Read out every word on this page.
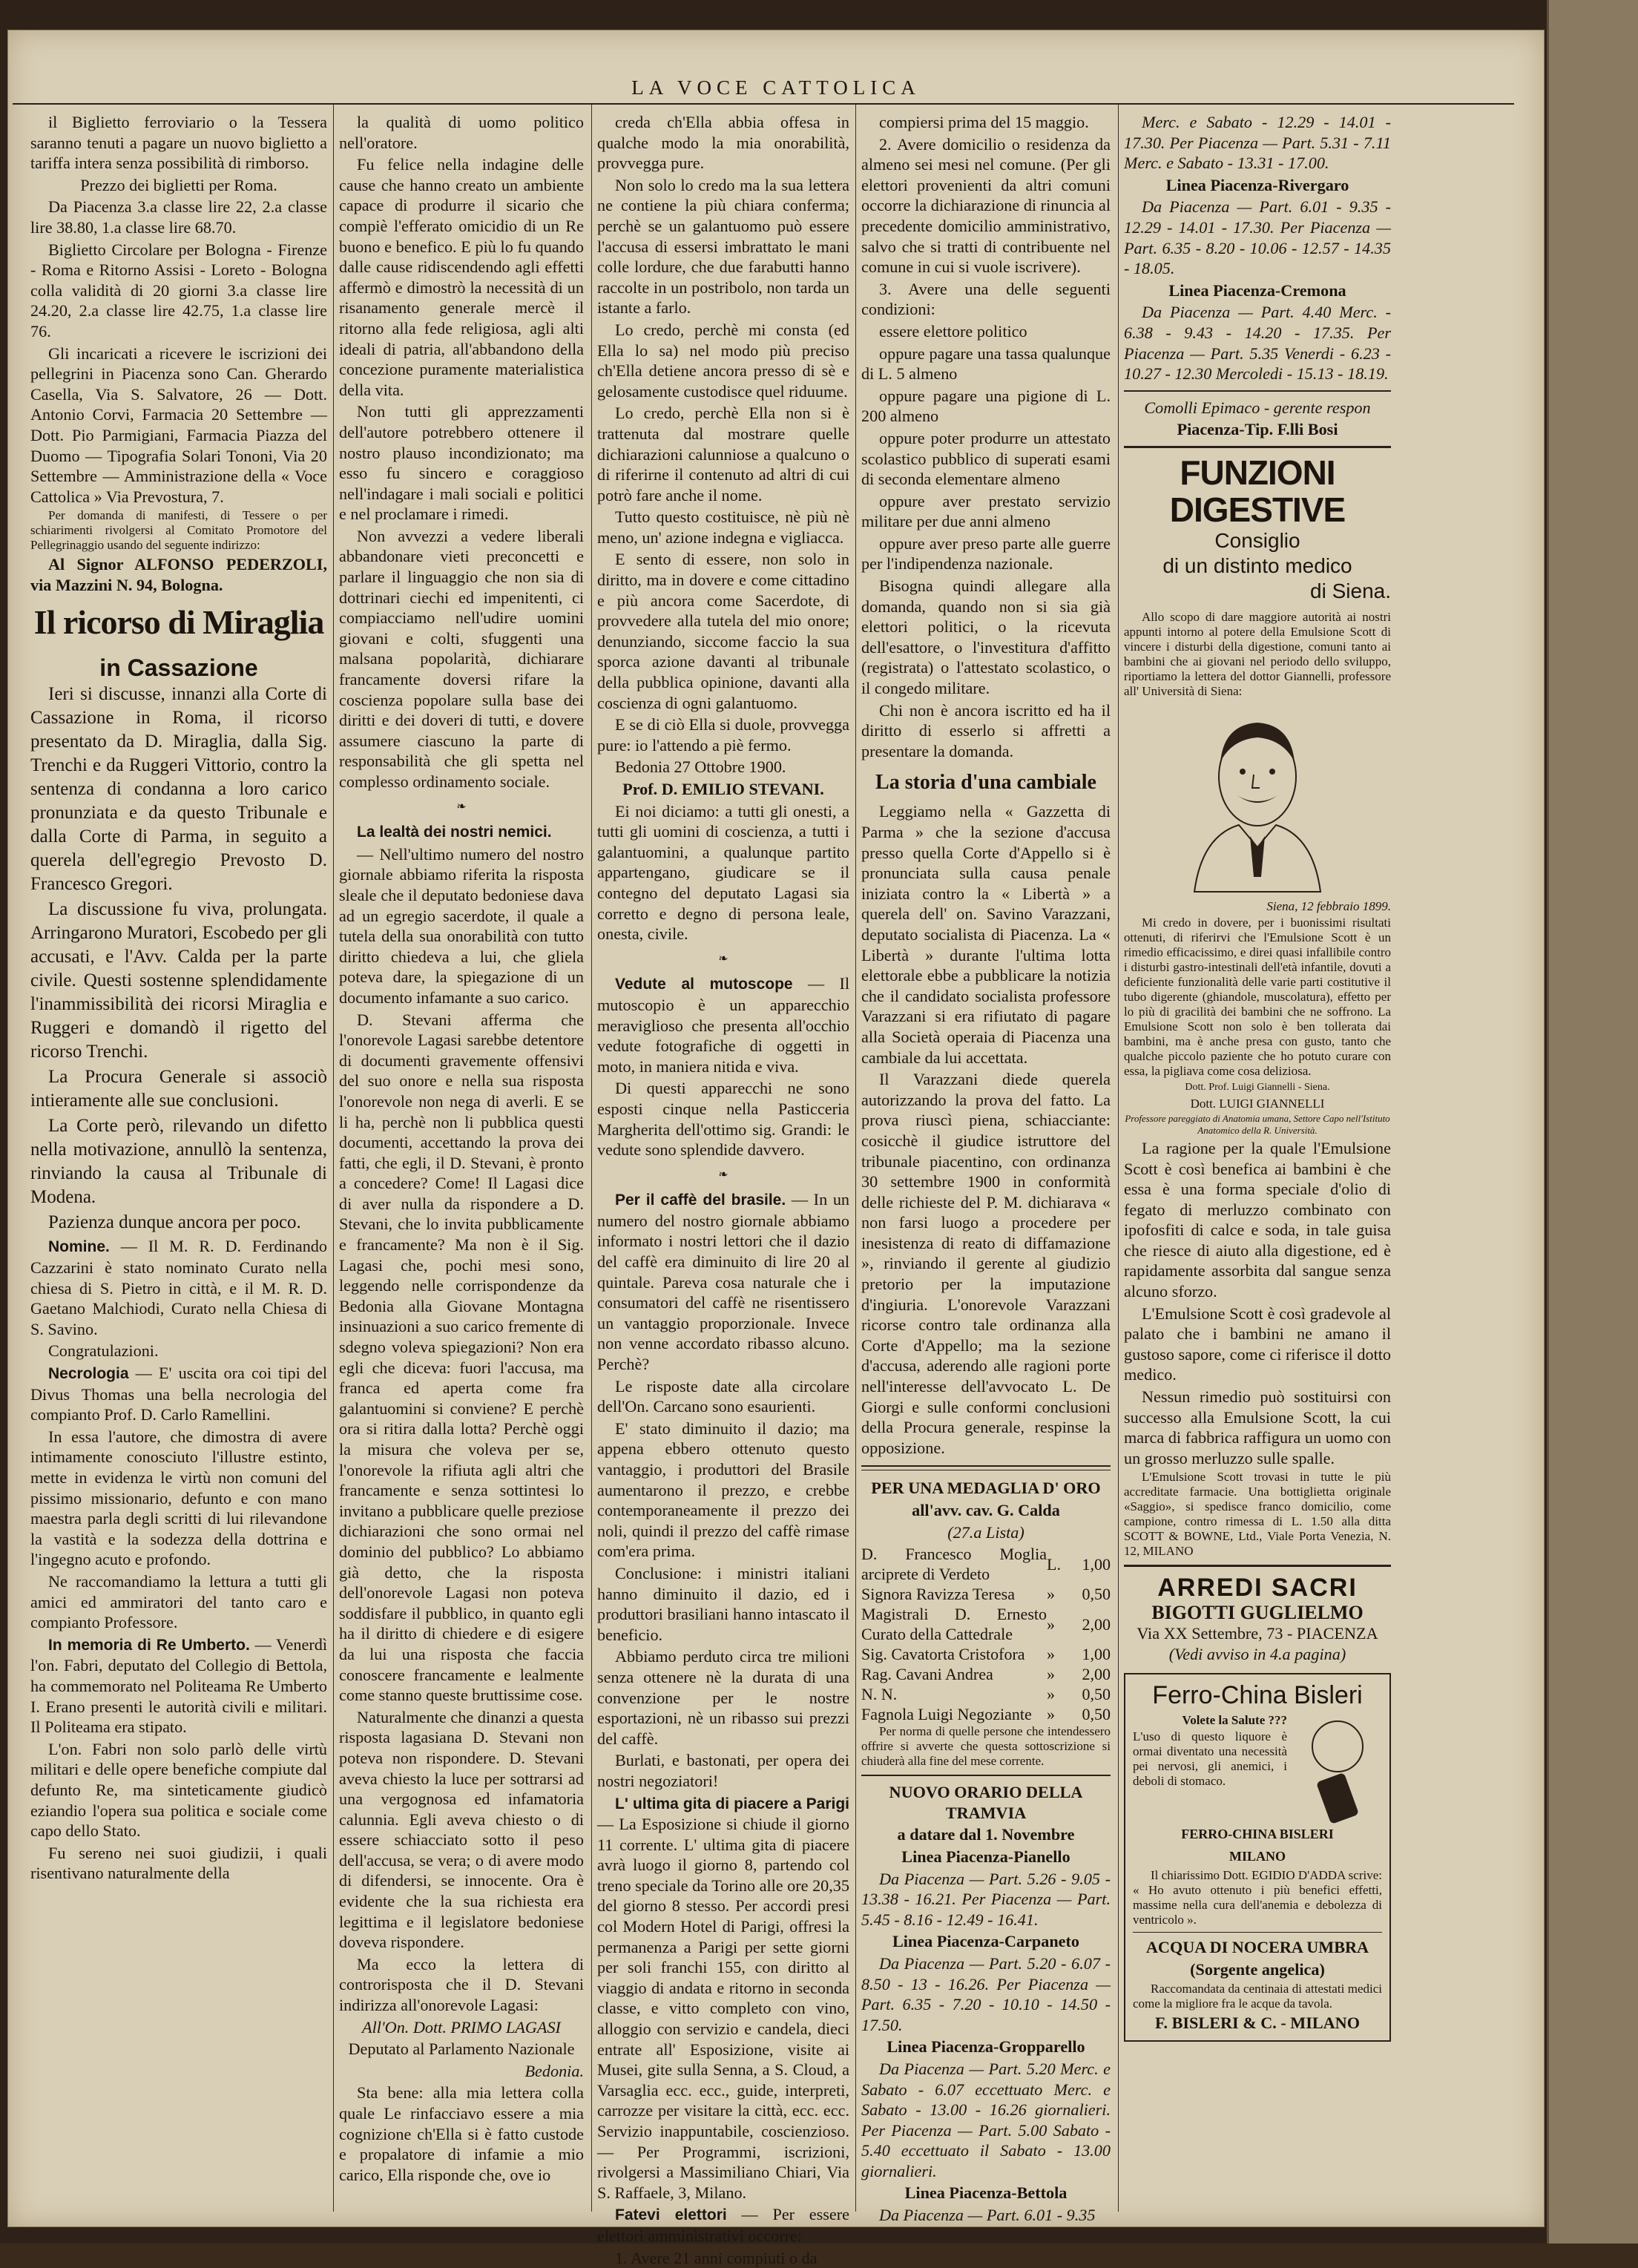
LA VOCE CATTOLICA

il Biglietto ferroviario o la Tessera saranno tenuti a pagare un nuovo biglietto a tariffa intera senza possibilità di rimborso.

Prezzo dei biglietti per Roma.

Da Piacenza 3.a classe lire 22, 2.a classe lire 38.80, 1.a classe lire 68.70.

Biglietto Circolare per Bologna - Firenze - Roma e Ritorno Assisi - Loreto - Bologna colla validità di 20 giorni 3.a classe lire 24.20, 2.a classe lire 42.75, 1.a classe lire 76.

Gli incaricati a ricevere le iscrizioni dei pellegrini in Piacenza sono Can. Gherardo Casella, Via S. Salvatore, 26 — Dott. Antonio Corvi, Farmacia 20 Settembre — Dott. Pio Parmigiani, Farmacia Piazza del Duomo — Tipografia Solari Tononi, Via 20 Settembre — Amministrazione della « Voce Cattolica » Via Prevostura, 7.

Per domanda di manifesti, di Tessere o per schiarimenti rivolgersi al Comitato Promotore del Pellegrinaggio usando del seguente indirizzo:

Al Signor ALFONSO PEDERZOLI, via Mazzini N. 94, Bologna.

Il ricorso di Miraglia
in Cassazione

Ieri si discusse, innanzi alla Corte di Cassazione in Roma, il ricorso presentato da D. Miraglia, dalla Sig. Trenchi e da Ruggeri Vittorio, contro la sentenza di condanna a loro carico pronunziata e da questo Tribunale e dalla Corte di Parma, in seguito a querela dell'egregio Prevosto D. Francesco Gregori.

La discussione fu viva, prolungata. Arringarono Muratori, Escobedo per gli accusati, e l'Avv. Calda per la parte civile. Questi sostenne splendidamente l'inammissibilità dei ricorsi Miraglia e Ruggeri e domandò il rigetto del ricorso Trenchi.

La Procura Generale si associò intieramente alle sue conclusioni.

La Corte però, rilevando un difetto nella motivazione, annullò la sentenza, rinviando la causa al Tribunale di Modena.

Pazienza dunque ancora per poco.

Nomine. — Il M. R. D. Ferdinando Cazzarini è stato nominato Curato nella chiesa di S. Pietro in città, e il M. R. D. Gaetano Malchiodi, Curato nella Chiesa di S. Savino.

Congratulazioni.

Necrologia — E' uscita ora coi tipi del Divus Thomas una bella necrologia del compianto Prof. D. Carlo Ramellini.

In essa l'autore, che dimostra di avere intimamente conosciuto l'illustre estinto, mette in evidenza le virtù non comuni del pissimo missionario, defunto e con mano maestra parla degli scritti di lui rilevandone la vastità e la sodezza della dottrina e l'ingegno acuto e profondo.

Ne raccomandiamo la lettura a tutti gli amici ed ammiratori del tanto caro e compianto Professore.

In memoria di Re Umberto. — Venerdì l'on. Fabri, deputato del Collegio di Bettola, ha commemorato nel Politeama Re Umberto I. Erano presenti le autorità civili e militari. Il Politeama era stipato.

L'on. Fabri non solo parlò delle virtù militari e delle opere benefiche compiute dal defunto Re, ma sinteticamente giudicò eziandio l'opera sua politica e sociale come capo dello Stato.

Fu sereno nei suoi giudizii, i quali risentivano naturalmente della

la qualità di uomo politico nell'oratore.

Fu felice nella indagine delle cause che hanno creato un ambiente capace di produrre il sicario che compiè l'efferato omicidio di un Re buono e benefico. E più lo fu quando dalle cause ridiscendendo agli effetti affermò e dimostrò la necessità di un risanamento generale mercè il ritorno alla fede religiosa, agli alti ideali di patria, all'abbandono della concezione puramente materialistica della vita.

Non tutti gli apprezzamenti dell'autore potrebbero ottenere il nostro plauso incondizionato; ma esso fu sincero e coraggioso nell'indagare i mali sociali e politici e nel proclamare i rimedi.

Non avvezzi a vedere liberali abbandonare vieti preconcetti e parlare il linguaggio che non sia di dottrinari ciechi ed impenitenti, ci compiacciamo nell'udire uomini giovani e colti, sfuggenti una malsana popolarità, dichiarare francamente doversi rifare la coscienza popolare sulla base dei diritti e dei doveri di tutti, e dovere assumere ciascuno la parte di responsabilità che gli spetta nel complesso ordinamento sociale.

❧

La lealtà dei nostri nemici.

— Nell'ultimo numero del nostro giornale abbiamo riferita la risposta sleale che il deputato bedoniese dava ad un egregio sacerdote, il quale a tutela della sua onorabilità con tutto diritto chiedeva a lui, che gliela poteva dare, la spiegazione di un documento infamante a suo carico.

D. Stevani afferma che l'onorevole Lagasi sarebbe detentore di documenti gravemente offensivi del suo onore e nella sua risposta l'onorevole non nega di averli. E se li ha, perchè non li pubblica questi documenti, accettando la prova dei fatti, che egli, il D. Stevani, è pronto a concedere? Come! Il Lagasi dice di aver nulla da rispondere a D. Stevani, che lo invita pubblicamente e francamente? Ma non è il Sig. Lagasi che, pochi mesi sono, leggendo nelle corrispondenze da Bedonia alla Giovane Montagna insinuazioni a suo carico fremente di sdegno voleva spiegazioni? Non era egli che diceva: fuori l'accusa, ma franca ed aperta come fra galantuomini si conviene? E perchè ora si ritira dalla lotta? Perchè oggi la misura che voleva per se, l'onorevole la rifiuta agli altri che francamente e senza sottintesi lo invitano a pubblicare quelle preziose dichiarazioni che sono ormai nel dominio del pubblico? Lo abbiamo già detto, che la risposta dell'onorevole Lagasi non poteva soddisfare il pubblico, in quanto egli ha il diritto di chiedere e di esigere da lui una risposta che faccia conoscere francamente e lealmente come stanno queste bruttissime cose.

Naturalmente che dinanzi a questa risposta lagasiana D. Stevani non poteva non rispondere. D. Stevani aveva chiesto la luce per sottrarsi ad una vergognosa ed infamatoria calunnia. Egli aveva chiesto o di essere schiacciato sotto il peso dell'accusa, se vera; o di avere modo di difendersi, se innocente. Ora è evidente che la sua richiesta era legittima e il legislatore bedoniese doveva rispondere.

Ma ecco la lettera di controrisposta che il D. Stevani indirizza all'onorevole Lagasi:

All'On. Dott. PRIMO LAGASI

Deputato al Parlamento Nazionale

Bedonia.

Sta bene: alla mia lettera colla quale Le rinfacciavo essere a mia cognizione ch'Ella si è fatto custode e propalatore di infamie a mio carico, Ella risponde che, ove io

creda ch'Ella abbia offesa in qualche modo la mia onorabilità, provvegga pure.

Non solo lo credo ma la sua lettera ne contiene la più chiara conferma; perchè se un galantuomo può essere l'accusa di essersi imbrattato le mani colle lordure, che due farabutti hanno raccolte in un postribolo, non tarda un istante a farlo.

Lo credo, perchè mi consta (ed Ella lo sa) nel modo più preciso ch'Ella detiene ancora presso di sè e gelosamente custodisce quel riduume.

Lo credo, perchè Ella non si è trattenuta dal mostrare quelle dichiarazioni calunniose a qualcuno o di riferirne il contenuto ad altri di cui potrò fare anche il nome.

Tutto questo costituisce, nè più nè meno, un' azione indegna e vigliacca.

E sento di essere, non solo in diritto, ma in dovere e come cittadino e più ancora come Sacerdote, di provvedere alla tutela del mio onore; denunziando, siccome faccio la sua sporca azione davanti al tribunale della pubblica opinione, davanti alla coscienza di ogni galantuomo.

E se di ciò Ella si duole, provvegga pure: io l'attendo a piè fermo.

Bedonia 27 Ottobre 1900.

Prof. D. EMILIO STEVANI.

Ei noi diciamo: a tutti gli onesti, a tutti gli uomini di coscienza, a tutti i galantuomini, a qualunque partito appartengano, giudicare se il contegno del deputato Lagasi sia corretto e degno di persona leale, onesta, civile.

❧

Vedute al mutoscope — Il mutoscopio è un apparecchio meraviglioso che presenta all'occhio vedute fotografiche di oggetti in moto, in maniera nitida e viva.

Di questi apparecchi ne sono esposti cinque nella Pasticceria Margherita dell'ottimo sig. Grandi: le vedute sono splendide davvero.

❧

Per il caffè del brasile. — In un numero del nostro giornale abbiamo informato i nostri lettori che il dazio del caffè era diminuito di lire 20 al quintale. Pareva cosa naturale che i consumatori del caffè ne risentissero un vantaggio proporzionale. Invece non venne accordato ribasso alcuno. Perchè?

Le risposte date alla circolare dell'On. Carcano sono esaurienti.

E' stato diminuito il dazio; ma appena ebbero ottenuto questo vantaggio, i produttori del Brasile aumentarono il prezzo, e crebbe contemporaneamente il prezzo dei noli, quindi il prezzo del caffè rimase com'era prima.

Conclusione: i ministri italiani hanno diminuito il dazio, ed i produttori brasiliani hanno intascato il beneficio.

Abbiamo perduto circa tre milioni senza ottenere nè la durata di una convenzione per le nostre esportazioni, nè un ribasso sui prezzi del caffè.

Burlati, e bastonati, per opera dei nostri negoziatori!

L' ultima gita di piacere a Parigi — La Esposizione si chiude il giorno 11 corrente. L' ultima gita di piacere avrà luogo il giorno 8, partendo col treno speciale da Torino alle ore 20,35 del giorno 8 stesso. Per accordi presi col Modern Hotel di Parigi, offresi la permanenza a Parigi per sette giorni per soli franchi 155, con diritto al viaggio di andata e ritorno in seconda classe, e vitto completo con vino, alloggio con servizio e candela, dieci entrate all' Esposizione, visite ai Musei, gite sulla Senna, a S. Cloud, a Varsaglia ecc. ecc., guide, interpreti, carrozze per visitare la città, ecc. ecc. Servizio inappuntabile, coscienzioso. — Per Programmi, iscrizioni, rivolgersi a Massimiliano Chiari, Via S. Raffaele, 3, Milano.

Fatevi elettori — Per essere elettori amministrativi occorre:

1. Avere 21 anni compiuti o da

compiersi prima del 15 maggio.

2. Avere domicilio o residenza da almeno sei mesi nel comune. (Per gli elettori provenienti da altri comuni occorre la dichiarazione di rinuncia al precedente domicilio amministrativo, salvo che si tratti di contribuente nel comune in cui si vuole iscrivere).

3. Avere una delle seguenti condizioni:

essere elettore politico

oppure pagare una tassa qualunque di L. 5 almeno

oppure pagare una pigione di L. 200 almeno

oppure poter produrre un attestato scolastico pubblico di superati esami di seconda elementare almeno

oppure aver prestato servizio militare per due anni almeno

oppure aver preso parte alle guerre per l'indipendenza nazionale.

Bisogna quindi allegare alla domanda, quando non si sia già elettori politici, o la ricevuta dell'esattore, o l'investitura d'affitto (registrata) o l'attestato scolastico, o il congedo militare.

Chi non è ancora iscritto ed ha il diritto di esserlo si affretti a presentare la domanda.

La storia d'una cambiale

Leggiamo nella « Gazzetta di Parma » che la sezione d'accusa presso quella Corte d'Appello si è pronunciata sulla causa penale iniziata contro la « Libertà » a querela dell' on. Savino Varazzani, deputato socialista di Piacenza. La « Libertà » durante l'ultima lotta elettorale ebbe a pubblicare la notizia che il candidato socialista professore Varazzani si era rifiutato di pagare alla Società operaia di Piacenza una cambiale da lui accettata.

Il Varazzani diede querela autorizzando la prova del fatto. La prova riuscì piena, schiacciante: cosicchè il giudice istruttore del tribunale piacentino, con ordinanza 30 settembre 1900 in conformità delle richieste del P. M. dichiarava « non farsi luogo a procedere per inesistenza di reato di diffamazione », rinviando il gerente al giudizio pretorio per la imputazione d'ingiuria. L'onorevole Varazzani ricorse contro tale ordinanza alla Corte d'Appello; ma la sezione d'accusa, aderendo alle ragioni porte nell'interesse dell'avvocato L. De Giorgi e sulle conformi conclusioni della Procura generale, respinse la opposizione.

PER UNA MEDAGLIA D' ORO

all'avv. cav. G. Calda

(27.a Lista)

D. Francesco Moglia arciprete di Verdeto	L.	1,00
Signora Ravizza Teresa	»	0,50
Magistrali D. Ernesto Curato della Cattedrale	»	2,00
Sig. Cavatorta Cristofora	»	1,00
Rag. Cavani Andrea	»	2,00
N. N.	»	0,50
Fagnola Luigi Negoziante	»	0,50

Per norma di quelle persone che intendessero offrire si avverte che questa sottoscrizione si chiuderà alla fine del mese corrente.

NUOVO ORARIO DELLA TRAMVIA

a datare dal 1. Novembre

Linea Piacenza-Pianello

Da Piacenza — Part. 5.26 - 9.05 - 13.38 - 16.21. Per Piacenza — Part. 5.45 - 8.16 - 12.49 - 16.41.

Linea Piacenza-Carpaneto

Da Piacenza — Part. 5.20 - 6.07 - 8.50 - 13 - 16.26. Per Piacenza — Part. 6.35 - 7.20 - 10.10 - 14.50 - 17.50.

Linea Piacenza-Gropparello

Da Piacenza — Part. 5.20 Merc. e Sabato - 6.07 eccettuato Merc. e Sabato - 13.00 - 16.26 giornalieri. Per Piacenza — Part. 5.00 Sabato - 5.40 eccettuato il Sabato - 13.00 giornalieri.

Linea Piacenza-Bettola

Da Piacenza — Part. 6.01 - 9.35

Merc. e Sabato - 12.29 - 14.01 - 17.30. Per Piacenza — Part. 5.31 - 7.11 Merc. e Sabato - 13.31 - 17.00.

Linea Piacenza-Rivergaro

Da Piacenza — Part. 6.01 - 9.35 - 12.29 - 14.01 - 17.30. Per Piacenza — Part. 6.35 - 8.20 - 10.06 - 12.57 - 14.35 - 18.05.

Linea Piacenza-Cremona

Da Piacenza — Part. 4.40 Merc. - 6.38 - 9.43 - 14.20 - 17.35. Per Piacenza — Part. 5.35 Venerdi - 6.23 - 10.27 - 12.30 Mercoledi - 15.13 - 18.19.

Comolli Epimaco - gerente respon

Piacenza-Tip. F.lli Bosi

FUNZIONI DIGESTIVE
Consiglio
di un distinto medico
di Siena.

Allo scopo di dare maggiore autorità ai nostri appunti intorno al potere della Emulsione Scott di vincere i disturbi della digestione, comuni tanto ai bambini che ai giovani nel periodo dello sviluppo, riportiamo la lettera del dottor Giannelli, professore all' Università di Siena:

Siena, 12 febbraio 1899.

Mi credo in dovere, per i buonissimi risultati ottenuti, di riferirvi che l'Emulsione Scott è un rimedio efficacissimo, e direi quasi infallibile contro i disturbi gastro-intestinali dell'età infantile, dovuti a deficiente funzionalità delle varie parti costitutive il tubo digerente (ghiandole, muscolatura), effetto per lo più di gracilità dei bambini che ne soffrono. La Emulsione Scott non solo è ben tollerata dai bambini, ma è anche presa con gusto, tanto che qualche piccolo paziente che ho potuto curare con essa, la pigliava come cosa deliziosa.

Dott. Prof. Luigi Giannelli - Siena.

Dott. LUIGI GIANNELLI

Professore pareggiato di Anatomia umana, Settore Capo nell'Istituto Anatomico della R. Università.

La ragione per la quale l'Emulsione Scott è così benefica ai bambini è che essa è una forma speciale d'olio di fegato di merluzzo combinato con ipofosfiti di calce e soda, in tale guisa che riesce di aiuto alla digestione, ed è rapidamente assorbita dal sangue senza alcuno sforzo.

L'Emulsione Scott è così gradevole al palato che i bambini ne amano il gustoso sapore, come ci riferisce il dotto medico.

Nessun rimedio può sostituirsi con successo alla Emulsione Scott, la cui marca di fabbrica raffigura un uomo con un grosso merluzzo sulle spalle.

L'Emulsione Scott trovasi in tutte le più accreditate farmacie. Una bottiglietta originale «Saggio», si spedisce franco domicilio, come campione, contro rimessa di L. 1.50 alla ditta SCOTT & BOWNE, Ltd., Viale Porta Venezia, N. 12, MILANO

ARREDI SACRI
BIGOTTI GUGLIELMO
Via XX Settembre, 73 - PIACENZA
(Vedi avviso in 4.a pagina)
Ferro-China Bisleri

Volete la Salute ???

L'uso di questo liquore è ormai diventato una necessità pei nervosi, gli anemici, i deboli di stomaco.

FERRO-CHINA BISLERI

MILANO

Il chiarissimo Dott. EGIDIO D'ADDA scrive: « Ho avuto ottenuto i più benefici effetti, massime nella cura dell'anemia e debolezza di ventricolo ».

ACQUA DI NOCERA UMBRA

(Sorgente angelica)

Raccomandata da centinaia di attestati medici come la migliore fra le acque da tavola.

F. BISLERI & C. - MILANO
